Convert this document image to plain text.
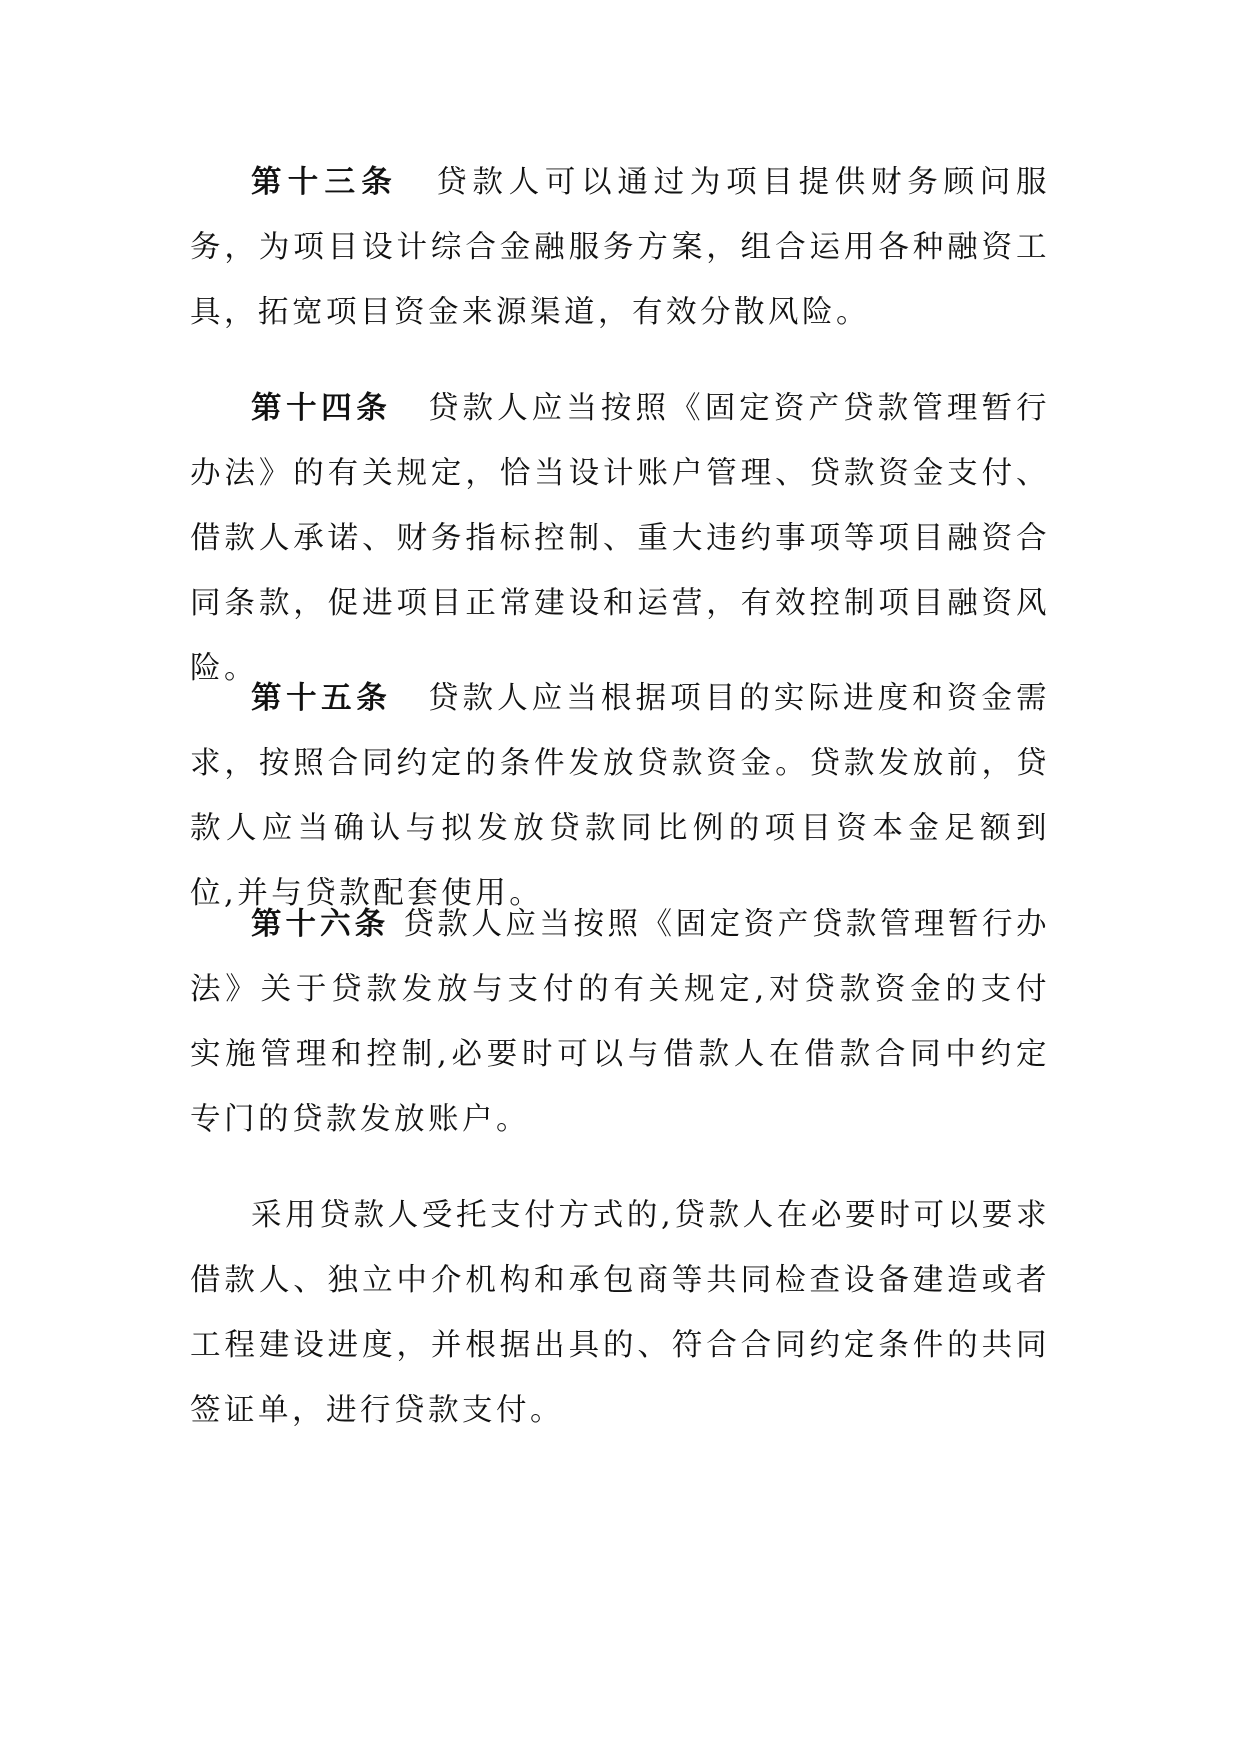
第十三条 贷款人可以通过为项目提供财务顾问服务，为项目设计综合金融服务方案，组合运用各种融资工具，拓宽项目资金来源渠道，有效分散风险。

第十四条 贷款人应当按照《固定资产贷款管理暂行办法》的有关规定，恰当设计账户管理、贷款资金支付、借款人承诺、财务指标控制、重大违约事项等项目融资合同条款，促进项目正常建设和运营，有效控制项目融资风险。

第十五条 贷款人应当根据项目的实际进度和资金需求，按照合同约定的条件发放贷款资金。贷款发放前，贷款人应当确认与拟发放贷款同比例的项目资本金足额到位,并与贷款配套使用。

第十六条 贷款人应当按照《固定资产贷款管理暂行办法》关于贷款发放与支付的有关规定,对贷款资金的支付实施管理和控制,必要时可以与借款人在借款合同中约定专门的贷款发放账户。

采用贷款人受托支付方式的,贷款人在必要时可以要求借款人、独立中介机构和承包商等共同检查设备建造或者工程建设进度，并根据出具的、符合合同约定条件的共同签证单，进行贷款支付。
